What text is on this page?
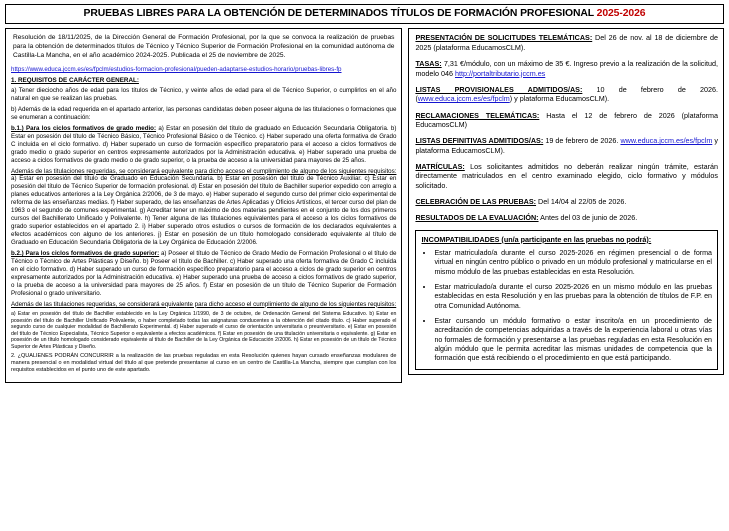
PRUEBAS LIBRES PARA LA OBTENCIÓN DE DETERMINADOS TÍTULOS DE FORMACIÓN PROFESIONAL 2025-2026
Resolución de 18/11/2025, de la Dirección General de Formación Profesional, por la que se convoca la realización de pruebas para la obtención de determinados títulos de Técnico y Técnico Superior de Formación Profesional en la comunidad autónoma de Castilla-La Mancha, en el año académico 2024-2025. Publicada el 25 de noviembre de 2025.
https://www.educa.jccm.es/es/fpclm/estudios-formacion-profesional/pueden-adaptarse-estudios-horario/pruebas-libres-fp
1. REQUISITOS DE CARÁCTER GENERAL:
a) Tener dieciocho años de edad para los títulos de Técnico, y veinte años de edad para el de Técnico Superior, o cumplirlos en el año natural en que se realizan las pruebas.
b) Además de la edad requerida en el apartado anterior, las personas candidatas deben poseer alguna de las titulaciones o formaciones que se enumeran a continuación:
b.1.) Para los ciclos formativos de grado medio: a) Estar en posesión del título de graduado en Educación Secundaria Obligatoria. b) Estar en posesión del título de Técnico Básico, Técnico Profesional Básico o de Técnico. c) Haber superado una oferta formativa de Grado C incluida en el ciclo formativo. d) Haber superado un curso de formación específico preparatorio para el acceso a ciclos formativos de grado medio o grado superior en centros expresamente autorizados por la Administración educativa. e) Haber superado una prueba de acceso a ciclos formativos de grado medio o de grado superior, o la prueba de acceso a la universidad para mayores de 25 años.
Además de las titulaciones requeridas, se considerará equivalente para dicho acceso el cumplimiento de alguno de los siguientes requisitos: a) Estar en posesión del título de Graduado en Educación Secundaria. b) Estar en posesión del título de Técnico Auxiliar. c) Estar en posesión del título de Técnico Superior de formación profesional. d) Estar en posesión del título de Bachiller superior expedido con arreglo a planes educativos anteriores a la Ley Orgánica 2/2006, de 3 de mayo. e) Haber superado el segundo curso del primer ciclo experimental de reforma de las enseñanzas medias. f) Haber superado, de las enseñanzas de Artes Aplicadas y Oficios Artísticos, el tercer curso del plan de 1963 o el segundo de comunes experimental. g) Acreditar tener un máximo de dos materias pendientes en el conjunto de los dos primeros cursos del Bachillerato Unificado y Polivalente. h) Tener alguna de las titulaciones equivalentes para el acceso a los ciclos formativos de grado superior establecidos en el apartado 2. i) Haber superado otros estudios o cursos de formación de los declarados equivalentes a efectos académicos con alguno de los anteriores. j) Estar en posesión de un título homologado considerado equivalente al título de Graduado en Educación Secundaria Obligatoria de la Ley Orgánica de Educación 2/2006.
b.2.) Para los ciclos formativos de grado superior: a) Poseer el título de Técnico de Grado Medio de Formación Profesional o el título de Técnico o Técnico de Artes Plásticas y Diseño. b) Poseer el título de Bachiller. c) Haber superado una oferta formativa de Grado C incluida en el ciclo formativo. d) Haber superado un curso de formación específico preparatorio para el acceso a ciclos de grado superior en centros expresamente autorizados por la Administración educativa. e) Haber superado una prueba de acceso a ciclos formativos de grado superior, o la prueba de acceso a la universidad para mayores de 25 años. f) Estar en posesión de un título de Técnico Superior de Formación Profesional o grado universitario.
Además de las titulaciones requeridas, se considerará equivalente para dicho acceso el cumplimiento de alguno de los siguientes requisitos:
a) Estar en posesión del título de Bachiller establecido en la Ley Orgánica 1/1990, de 3 de octubre, de Ordenación General del Sistema Educativo. b) Estar en posesión del título de Bachiller Unificado Polivalente, o haber completado todas las asignaturas conducentes a la obtención del citado título. c) Haber superado el segundo curso de cualquier modalidad de Bachillerato Experimental. d) Haber superado el curso de orientación universitaria o preuniversitario. e) Estar en posesión del título de Técnico Especialista, Técnico Superior o equivalente a efectos académicos. f) Estar en posesión de una titulación universitaria o equivalente. g) Estar en posesión de un título homologado considerado equivalente al título de Bachiller de la Ley Orgánica de Educación 2/2006. h) Estar en posesión de un título de Técnico Superior de Artes Plásticas y Diseño.
2. ¿QUALIENES PODRÁN CONCURRIR a la realización de las pruebas reguladas en esta Resolución quienes hayan cursado enseñanzas modulares de manera presencial o en modalidad virtual del título al que pretende presentarse al curso en un centro de Castilla-La Mancha, siempre que cumplan con los requisitos establecidos en el punto uno de este apartado.
PRESENTACIÓN DE SOLICITUDES TELEMÁTICAS: Del 26 de nov. al 18 de diciembre de 2025 (plataforma EducamosCLM).
TASAS: 7,31 €/módulo, con un máximo de 35 €. Ingreso previo a la realización de la solicitud, modelo 046 http://portaltributario.jccm.es
LISTAS PROVISIONALES ADMITIDOS/AS: 10 de febrero de 2026. (www.educa.jccm.es/es/fpclm) y plataforma EducamosCLM).
RECLAMACIONES TELEMÁTICAS: Hasta el 12 de febrero de 2026 (plataforma EducamosCLM)
LISTAS DEFINITIVAS ADMITIDOS/AS: 19 de febrero de 2026. www.educa.jccm.es/es/fpclm y plataforma EducamosCLM).
MATRÍCULAS: Los solicitantes admitidos no deberán realizar ningún trámite, estarán directamente matriculados en el centro examinado elegido, ciclo formativo y módulos solicitado.
CELEBRACIÓN DE LAS PRUEBAS: Del 14/04 al 22/05 de 2026.
RESULTADOS DE LA EVALUACIÓN: Antes del 03 de junio de 2026.
INCOMPATIBILIDADES (un/a participante en las pruebas no podrá):
• Estar matriculado/a durante el curso 2025-2026 en régimen presencial o de forma virtual en ningún centro público o privado en un módulo profesional y matricularse en el mismo módulo de las pruebas establecidas en esta Resolución.
• Estar matriculado/a durante el curso 2025-2026 en un mismo módulo en las pruebas establecidas en esta Resolución y en las pruebas para la obtención de títulos de F.P. en otra Comunidad Autónoma.
• Estar cursando un módulo formativo o estar inscrito/a en un procedimiento de acreditación de competencias adquiridas a través de la experiencia laboral u otras vías no formales de formación y presentarse a las pruebas reguladas en esta Resolución en algún módulo que le permita acreditar las mismas unidades de competencia que la formación que está recibiendo o el procedimiento en que está participando.
